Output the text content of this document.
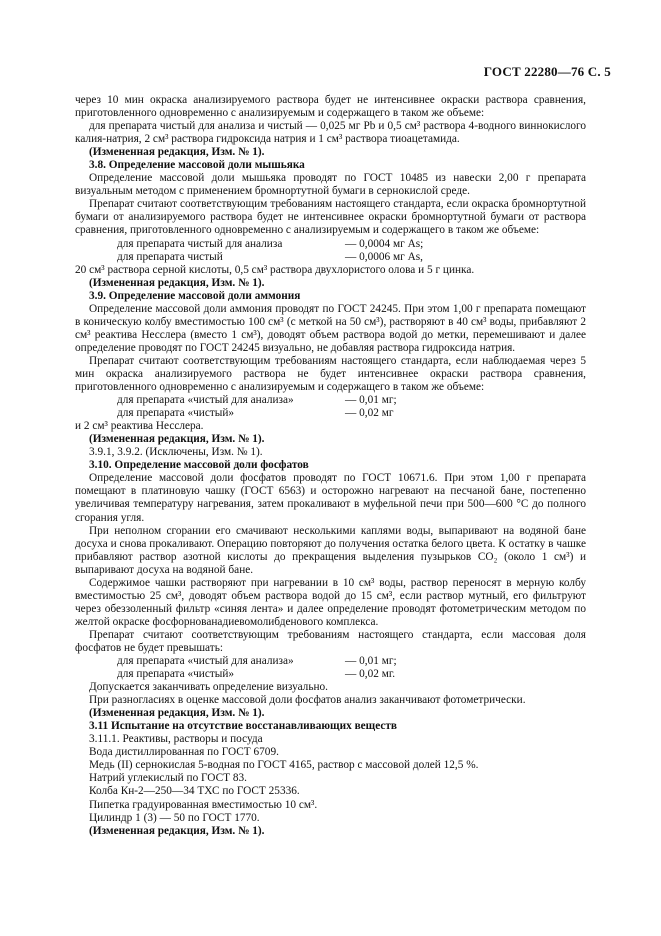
ГОСТ 22280—76 С. 5

через 10 мин окраска анализируемого раствора будет не интенсивнее окраски раствора сравнения, приготовленного одновременно с анализируемым и содержащего в таком же объеме:

для препарата чистый для анализа и чистый — 0,025 мг Pb и 0,5 см³ раствора 4-водного виннокислого калия-натрия, 2 см³ раствора гидроксида натрия и 1 см³ раствора тиоацетамида.

(Измененная редакция, Изм. № 1).

3.8. Определение массовой доли мышьяка

Определение массовой доли мышьяка проводят по ГОСТ 10485 из навески 2,00 г препарата визуальным методом с применением бромнортутной бумаги в сернокислой среде.

Препарат считают соответствующим требованиям настоящего стандарта, если окраска бромнортутной бумаги от анализируемого раствора будет не интенсивнее окраски бромнортутной бумаги от раствора сравнения, приготовленного одновременно с анализируемым и содержащего в таком же объеме:

для препарата чистый для анализа	— 0,0004 мг As;
для препарата чистый	— 0,0006 мг As,

20 см³ раствора серной кислоты, 0,5 см³ раствора двухлористого олова и 5 г цинка.

(Измененная редакция, Изм. № 1).

3.9. Определение массовой доли аммония

Определение массовой доли аммония проводят по ГОСТ 24245. При этом 1,00 г препарата помещают в коническую колбу вместимостью 100 см³ (с меткой на 50 см³), растворяют в 40 см³ воды, прибавляют 2 см³ реактива Несслера (вместо 1 см³), доводят объем раствора водой до метки, перемешивают и далее определение проводят по ГОСТ 24245 визуально, не добавляя раствора гидроксида натрия.

Препарат считают соответствующим требованиям настоящего стандарта, если наблюдаемая через 5 мин окраска анализируемого раствора не будет интенсивнее окраски раствора сравнения, приготовленного одновременно с анализируемым и содержащего в таком же объеме:

для препарата «чистый для анализа»	— 0,01 мг;
для препарата «чистый»	— 0,02 мг

и 2 см³ реактива Несслера.

(Измененная редакция, Изм. № 1).

3.9.1, 3.9.2. (Исключены, Изм. № 1).

3.10. Определение массовой доли фосфатов

Определение массовой доли фосфатов проводят по ГОСТ 10671.6. При этом 1,00 г препарата помещают в платиновую чашку (ГОСТ 6563) и осторожно нагревают на песчаной бане, постепенно увеличивая температуру нагревания, затем прокаливают в муфельной печи при 500—600 °С до полного сгорания угля.

При неполном сгорании его смачивают несколькими каплями воды, выпаривают на водяной бане досуха и снова прокаливают. Операцию повторяют до получения остатка белого цвета. К остатку в чашке прибавляют раствор азотной кислоты до прекращения выделения пузырьков CO₂ (около 1 см³) и выпаривают досуха на водяной бане.

Содержимое чашки растворяют при нагревании в 10 см³ воды, раствор переносят в мерную колбу вместимостью 25 см³, доводят объем раствора водой до 15 см³, если раствор мутный, его фильтруют через обеззоленный фильтр «синяя лента» и далее определение проводят фотометрическим методом по желтой окраске фосфорнованадиевомолибденового комплекса.

Препарат считают соответствующим требованиям настоящего стандарта, если массовая доля фосфатов не будет превышать:

для препарата «чистый для анализа»	— 0,01 мг;
для препарата «чистый»	— 0,02 мг.

Допускается заканчивать определение визуально.

При разногласиях в оценке массовой доли фосфатов анализ заканчивают фотометрически.

(Измененная редакция, Изм. № 1).

3.11 Испытание на отсутствие восстанавливающих веществ

3.11.1. Реактивы, растворы и посуда

Вода дистиллированная по ГОСТ 6709.

Медь (II) сернокислая 5-водная по ГОСТ 4165, раствор с массовой долей 12,5 %.

Натрий углекислый по ГОСТ 83.

Колба Кн-2—250—34 ТХС по ГОСТ 25336.

Пипетка градуированная вместимостью 10 см³.

Цилиндр 1 (3) — 50 по ГОСТ 1770.

(Измененная редакция, Изм. № 1).
